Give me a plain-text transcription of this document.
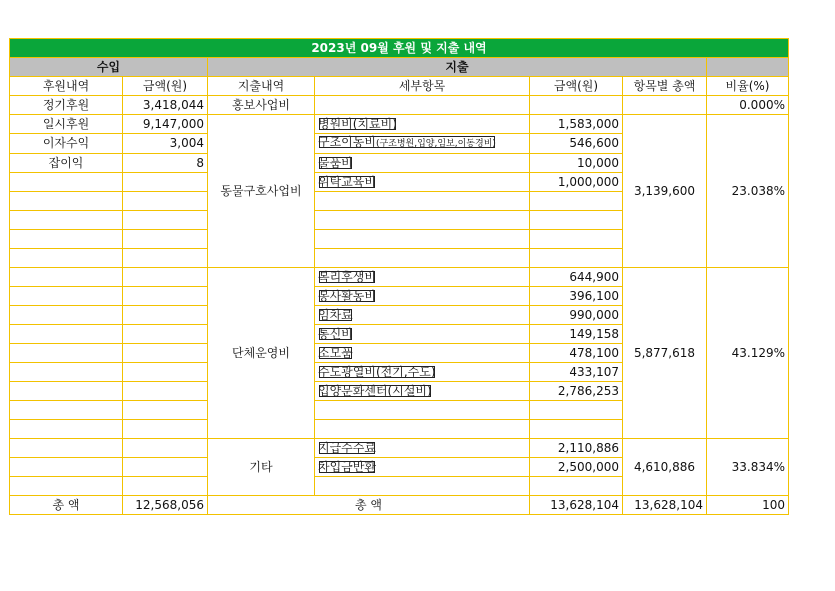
2023년 09월 후원 및 지출 내역						
수입		지출				
후원내역	금액(원)	지출내역	세부항목	금액(원)	항목별 총액	비율(%)
정기후원	3,418,044	홍보사업비				0.000%
일시후원	9,147,000	동물구호사업비	병원비(치료비)	1,583,000	3,139,600	23.038%
이자수익	3,004		구조이동비(구조병원,입양,임보,이동경비)	546,600		
잡이익	8		물품비	10,000		
			위탁교육비	1,000,000		

		단체운영비	복리후생비	644,900	5,877,618	43.129%
			봉사활동비	396,100		
			임차료	990,000		
			통신비	149,158		
			소모품	478,100		
			수도광열비(전기,수도)	433,107		
			입양문화센터(시설비)	2,786,253		

		기타	지급수수료	2,110,886	4,610,886	33.834%
			차입금반환	2,500,000		

총 액	12,568,056	총 액		13,628,104	13,628,104	100
